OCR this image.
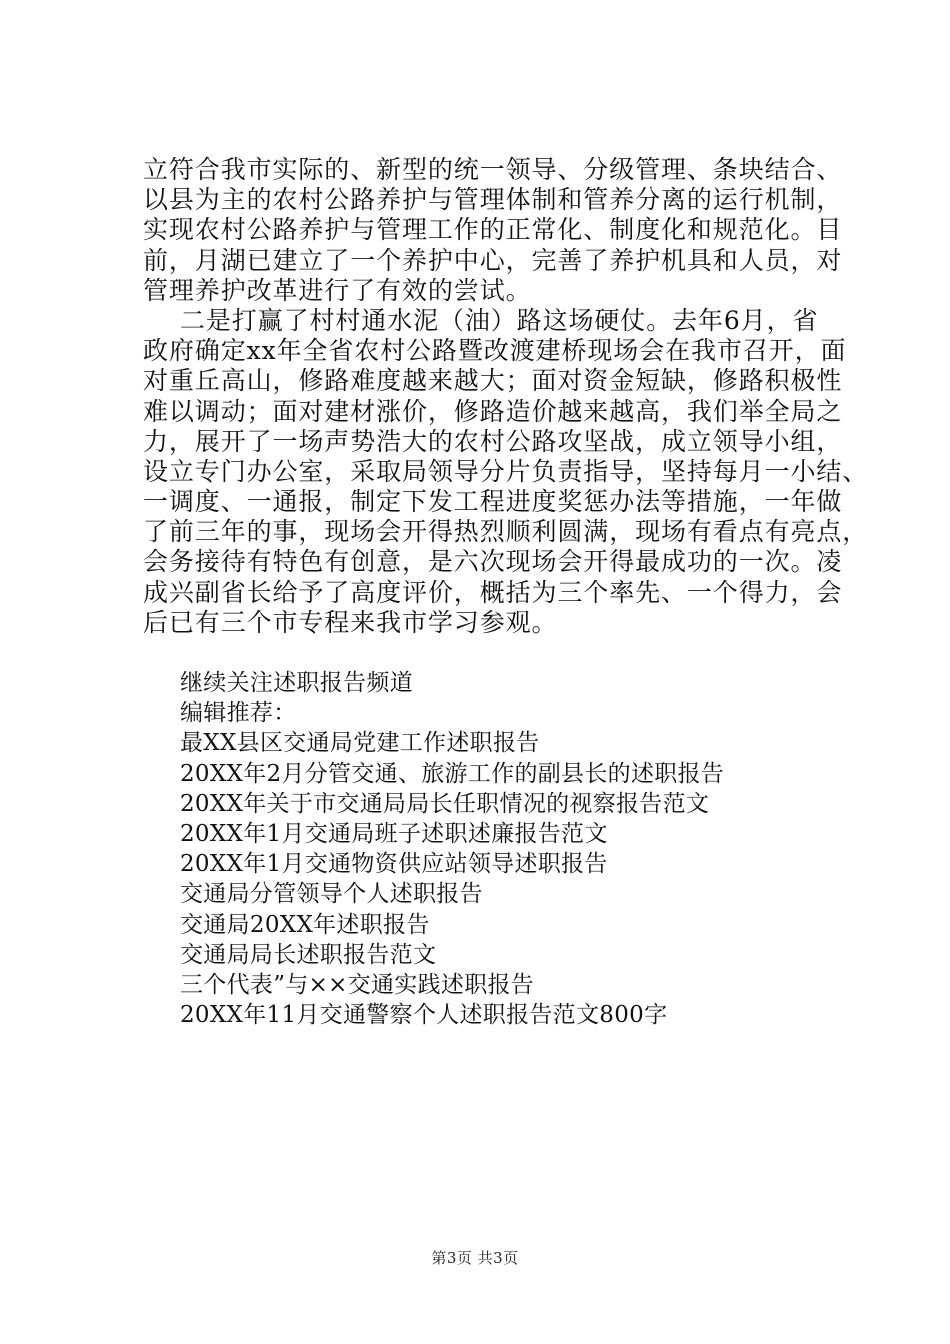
立符合我市实际的、新型的统一领导、分级管理、条块结合、
以县为主的农村公路养护与管理体制和管养分离的运行机制，
实现农村公路养护与管理工作的正常化、制度化和规范化。目
前，月湖已建立了一个养护中心，完善了养护机具和人员，对
管理养护改革进行了有效的尝试。
二是打赢了村村通水泥（油）路这场硬仗。去年6月，省
政府确定xx年全省农村公路暨改渡建桥现场会在我市召开，面
对重丘高山，修路难度越来越大；面对资金短缺，修路积极性
难以调动；面对建材涨价，修路造价越来越高，我们举全局之
力，展开了一场声势浩大的农村公路攻坚战，成立领导小组，
设立专门办公室，采取局领导分片负责指导，坚持每月一小结、
一调度、一通报，制定下发工程进度奖惩办法等措施，一年做
了前三年的事，现场会开得热烈顺利圆满，现场有看点有亮点，
会务接待有特色有创意，是六次现场会开得最成功的一次。凌
成兴副省长给予了高度评价，概括为三个率先、一个得力，会
后已有三个市专程来我市学习参观。
继续关注述职报告频道
编辑推荐：
最XX县区交通局党建工作述职报告
20XX年2月分管交通、旅游工作的副县长的述职报告
20XX年关于市交通局局长任职情况的视察报告范文
20XX年1月交通局班子述职述廉报告范文
20XX年1月交通物资供应站领导述职报告
交通局分管领导个人述职报告
交通局20XX年述职报告
交通局局长述职报告范文
三个代表”与××交通实践述职报告
20XX年11月交通警察个人述职报告范文800字
第3页 共3页
